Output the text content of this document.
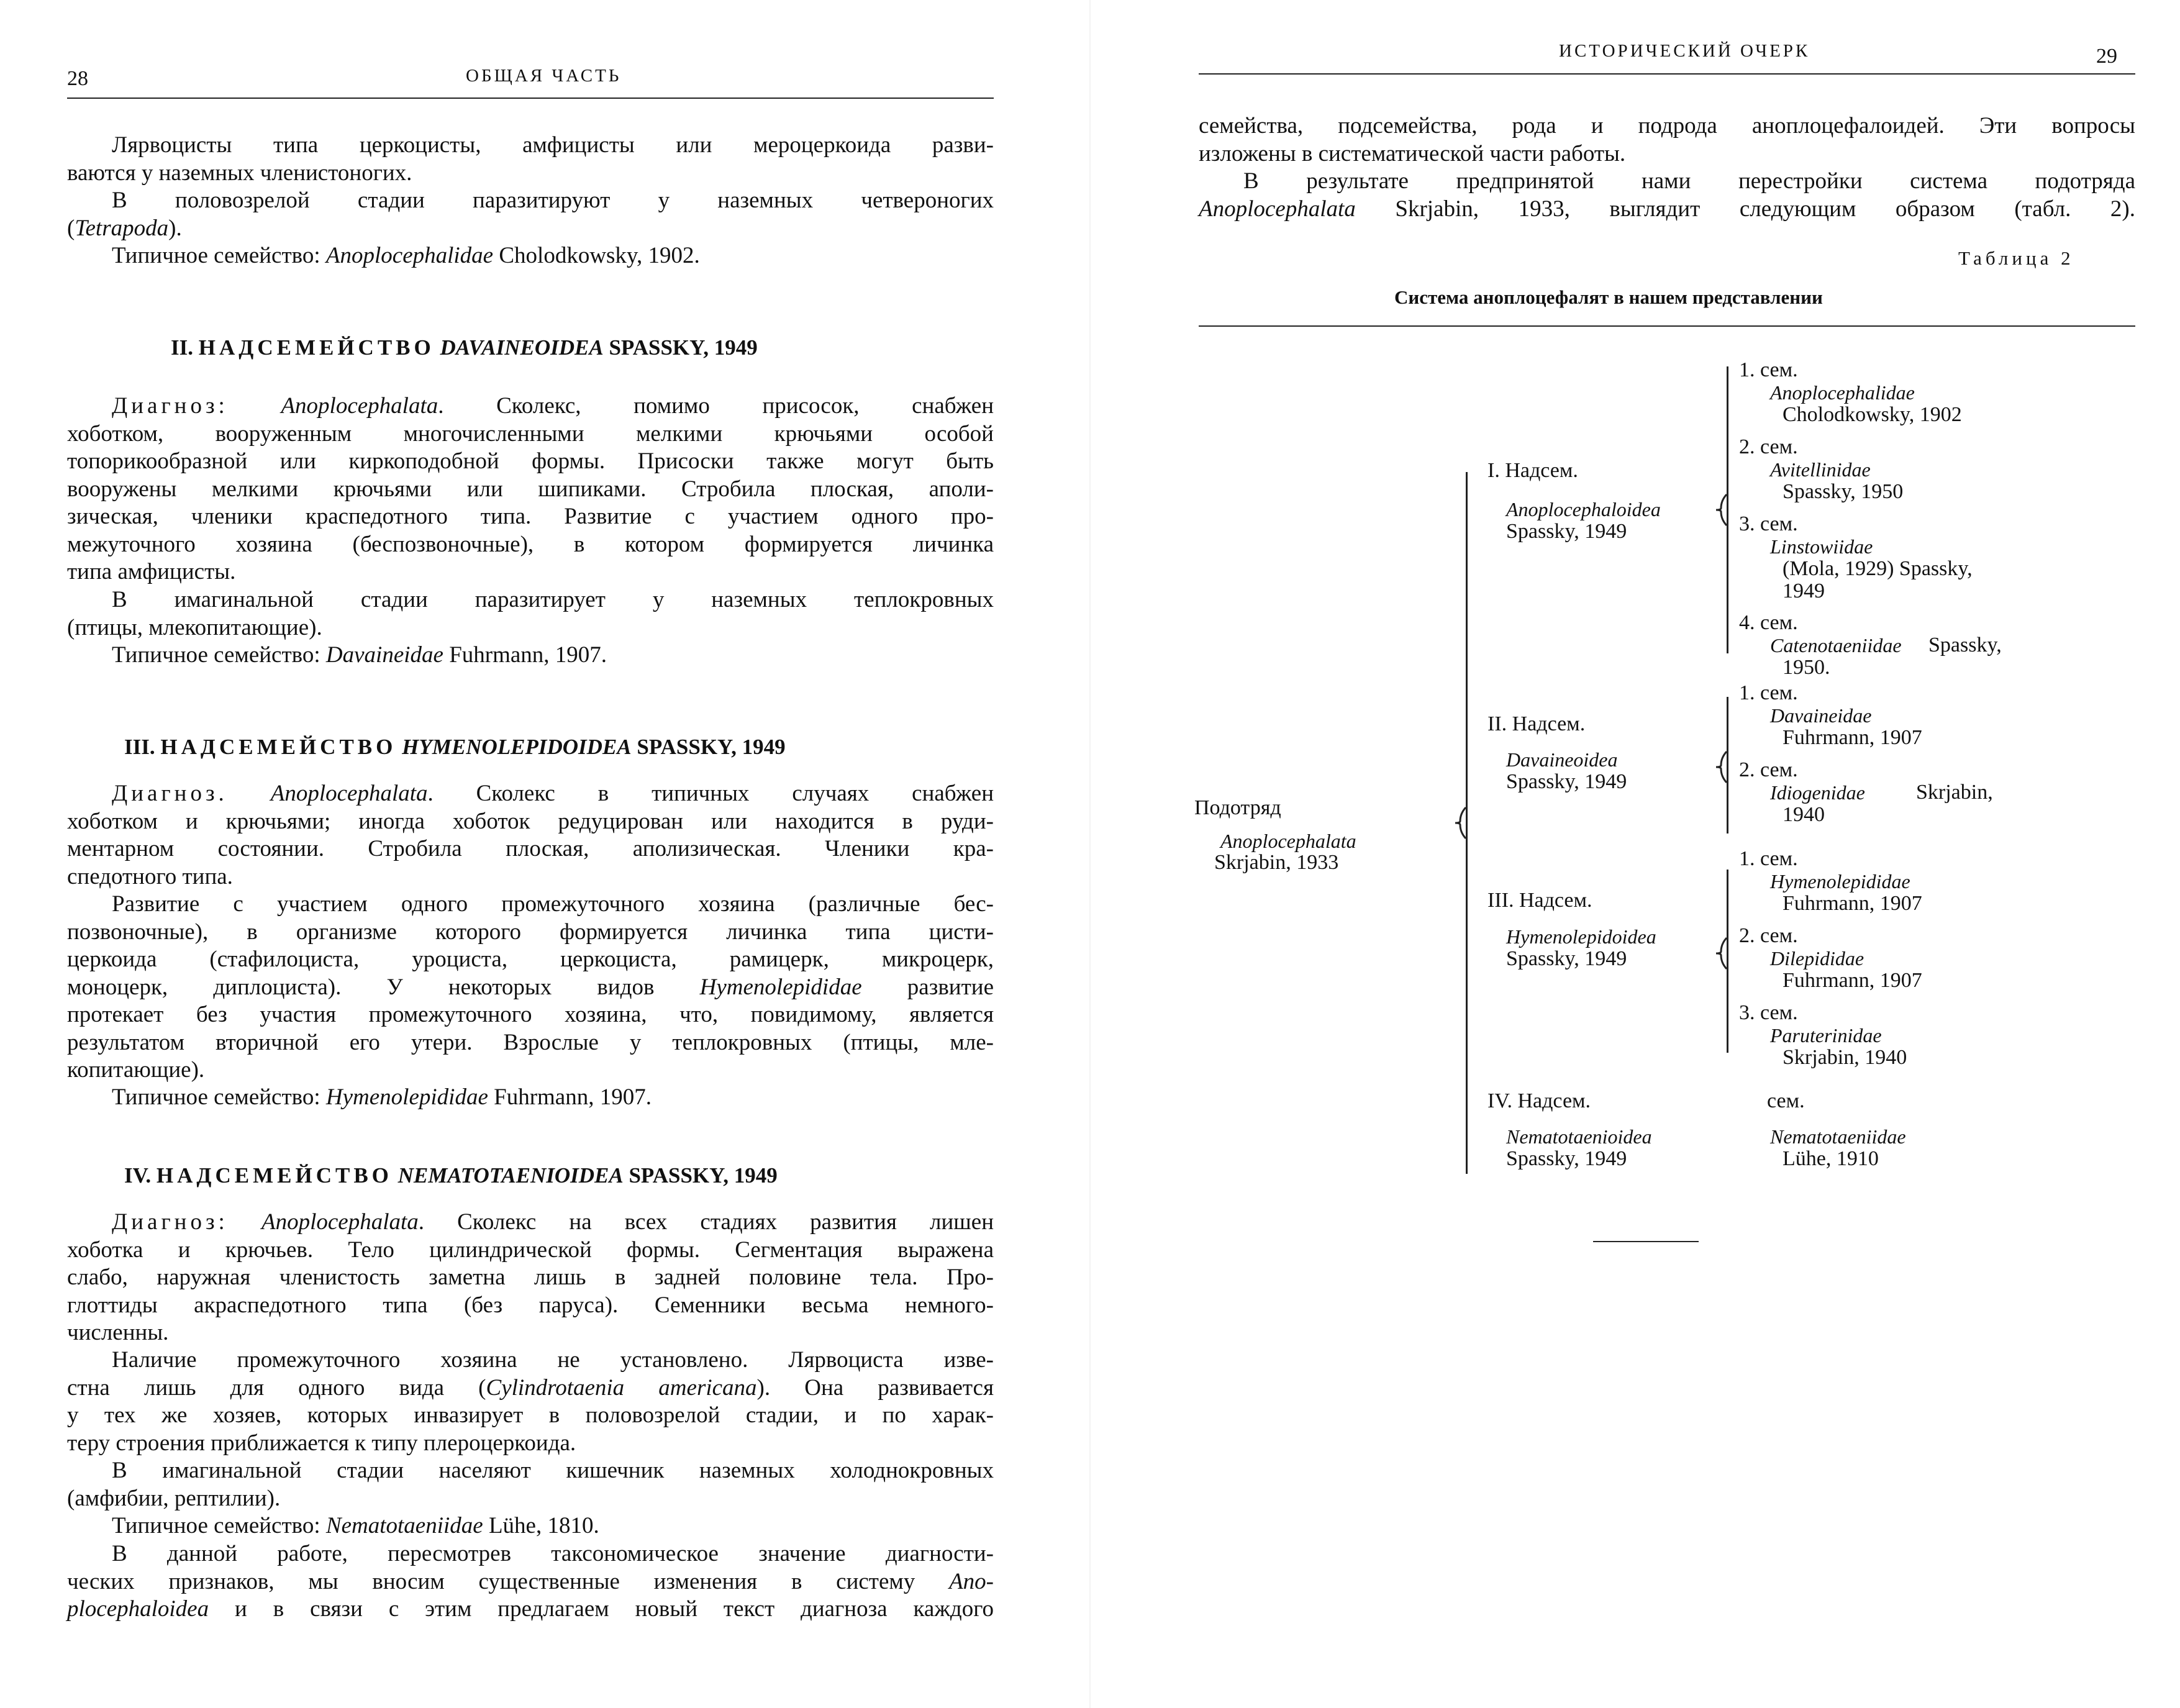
28	ОБЩАЯ ЧАСТЬ
Лярвоцисты типа церкоцисты, амфицисты или мероцеркоида разви-
ваются у наземных членистоногих.
В половозрелой стадии паразитируют у наземных четвероногих
(Tetrapoda).
Типичное семейство: Anoplocephalidae Cholodkowsky, 1902.
II. НАДСЕМЕЙСТВО DAVAINEOIDEA SPASSKY, 1949
Диагноз: Anoplocephalata. Сколекс, помимо присосок, снабжен
хоботком, вооруженным многочисленными мелкими крючьями особой
топорикообразной или киркоподобной формы. Присоски также могут быть
вооружены мелкими крючьями или шипиками. Стробила плоская, аполи-
зическая, членики краспедотного типа. Развитие с участием одного про-
межуточного хозяина (беспозвоночные), в котором формируется личинка
типа амфицисты.
В имагинальной стадии паразитирует у наземных теплокровных
(птицы, млекопитающие).
Типичное семейство: Davaineidae Fuhrmann, 1907.
III. НАДСЕМЕЙСТВО HYMENOLEPIDOIDEA SPASSKY, 1949
Диагноз. Anoplocephalata. Сколекс в типичных случаях снабжен
хоботком и крючьями; иногда хоботок редуцирован или находится в руди-
ментарном состоянии. Стробила плоская, аполизическая. Членики кра-
спедотного типа.
Развитие с участием одного промежуточного хозяина (различные бес-
позвоночные), в организме которого формируется личинка типа цисти-
церкоида (стафилоциста, уроциста, церкоциста, рамицерк, микроцерк,
моноцерк, диплоциста). У некоторых видов Hymenolepididae развитие
протекает без участия промежуточного хозяина, что, повидимому, является
результатом вторичной его утери. Взрослые у теплокровных (птицы, мле-
копитающие).
Типичное семейство: Hymenolepididae Fuhrmann, 1907.
IV. НАДСЕМЕЙСТВО NEMATOTAENIOIDEA SPASSKY, 1949
Диагноз: Anoplocephalata. Сколекс на всех стадиях развития лишен
хоботка и крючьев. Тело цилиндрической формы. Сегментация выражена
слабо, наружная членистость заметна лишь в задней половине тела. Про-
глоттиды акраспедотного типа (без паруса). Семенники весьма немного-
численны.
Наличие промежуточного хозяина не установлено. Лярвоциста изве-
стна лишь для одного вида (Cylindrotaenia americana). Она развивается
у тех же хозяев, которых инвазирует в половозрелой стадии, и по харак-
теру строения приближается к типу плероцеркоида.
В имагинальной стадии населяют кишечник наземных холоднокровных
(амфибии, рептилии).
Типичное семейство: Nematotaeniidae Lühe, 1810.
В данной работе, пересмотрев таксономическое значение диагности-
ческих признаков, мы вносим существенные изменения в систему Ano-
plocephaloidea и в связи с этим предлагаем новый текст диагноза каждого
ИСТОРИЧЕСКИЙ ОЧЕРК	29
семейства, подсемейства, рода и подрода аноплоцефалоидей. Эти вопросы
изложены в систематической части работы.
В результате предпринятой нами перестройки система подотряда
Anoplocephalata Skrjabin, 1933, выглядит следующим образом (табл. 2).
Таблица 2
Система аноплоцефалят в нашем представлении
Подотряд
Anoplocephalata
Skrjabin, 1933
I. Надсем.
Anoplocephaloidea
Spassky, 1949
II. Надсем.
Davaineoidea
Spassky, 1949
III. Надсем.
Hymenolepidoidea
Spassky, 1949
IV. Надсем.
Nematotaenioidea
Spassky, 1949
1. сем.
Anoplocephalidae
Cholodkowsky, 1902
2. сем.
Avitellinidae
Spassky, 1950
3. сем.
Linstowiidae
(Mola, 1929) Spassky,
1949
4. сем.
Catenotaeniidae Spassky,
1950.
1. сем.
Davaineidae
Fuhrmann, 1907
2. сем.
Idiogenidae Skrjabin,
1940
1. сем.
Hymenolepididae
Fuhrmann, 1907
2. сем.
Dilepididae
Fuhrmann, 1907
3. сем.
Paruterinidae
Skrjabin, 1940
сем.
Nematotaeniidae
Lühe, 1910
